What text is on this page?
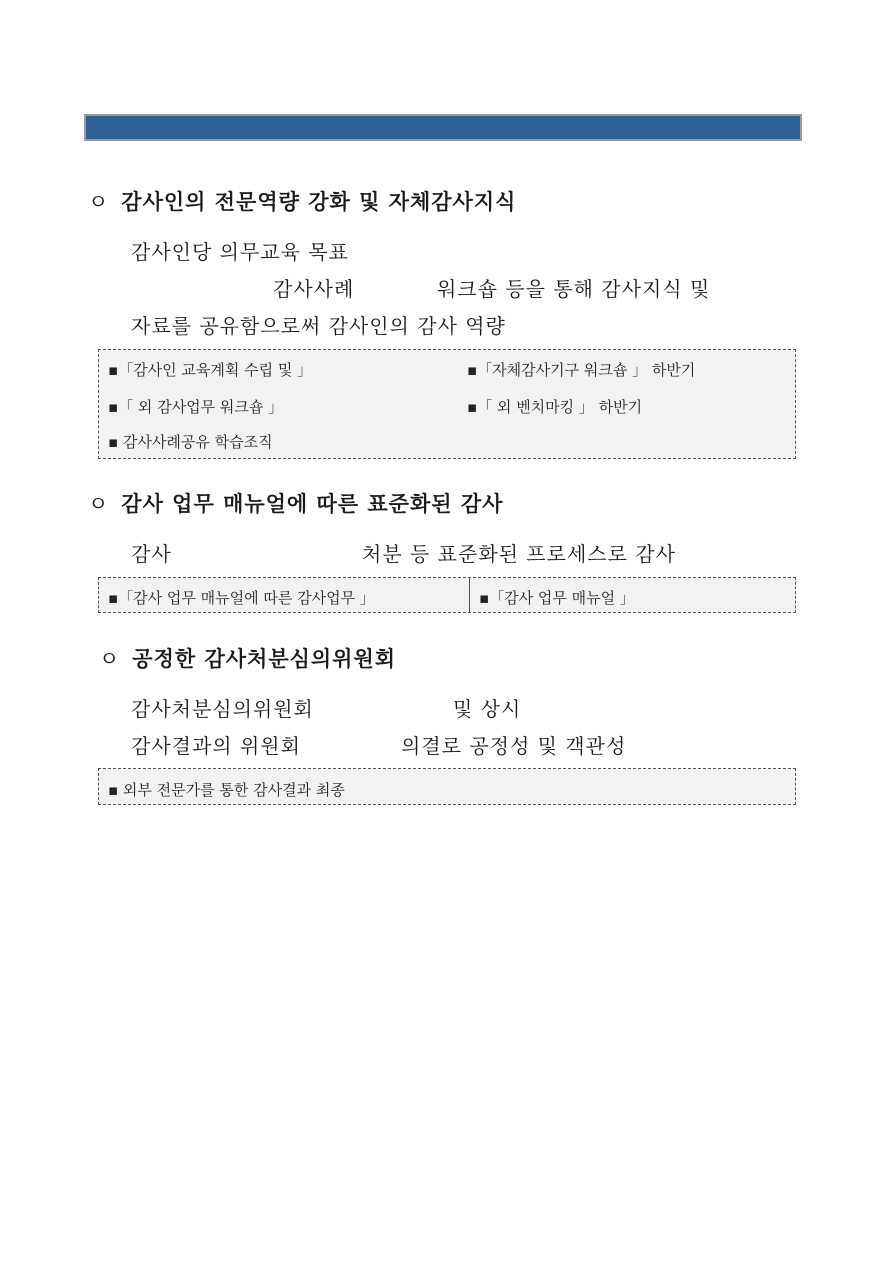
ㅇ 감사인의 전문역량 강화 및 자체감사지식
감사인당 의무교육 목표
감사사례	워크숍 등을 통해 감사지식 및
자료를 공유함으로써 감사인의 감사 역량
▪「감사인 교육계획 수립 및 」	▪「자체감사기구 워크숍 」 하반기
▪「 외 감사업무 워크숍 」	▪「 외 벤치마킹 」 하반기
▪ 감사사례공유 학습조직
ㅇ 감사 업무 매뉴얼에 따른 표준화된 감사
감사	처분 등 표준화된 프로세스로 감사
▪「감사 업무 매뉴얼에 따른 감사업무 」	▪「감사 업무 매뉴얼 」
ㅇ 공정한 감사처분심의위원회
감사처분심의위원회	및 상시
감사결과의 위원회	의결로 공정성 및 객관성
▪ 외부 전문가를 통한 감사결과 최종
